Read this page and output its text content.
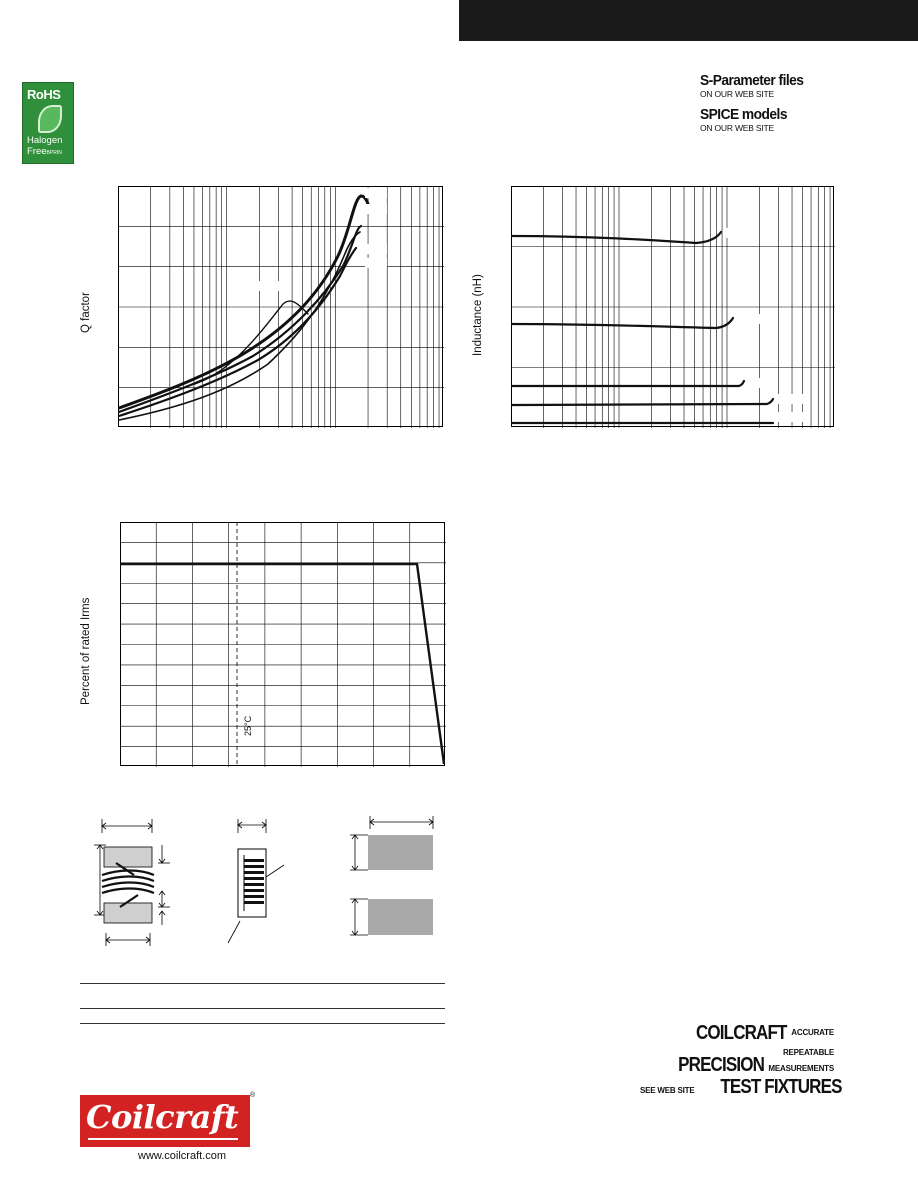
RoHS
Halogen
FreeBPRIN
S-Parameter files
ON OUR WEB SITE
SPICE models
ON OUR WEB SITE
Q factor	Inductance (nH)
Percent of rated Irms
25°C
COILCRAFT ACCURATE
REPEATABLE
PRECISION MEASUREMENTS
SEE WEB SITE TEST FIXTURES
Coilcraft
®
www.coilcraft.com
